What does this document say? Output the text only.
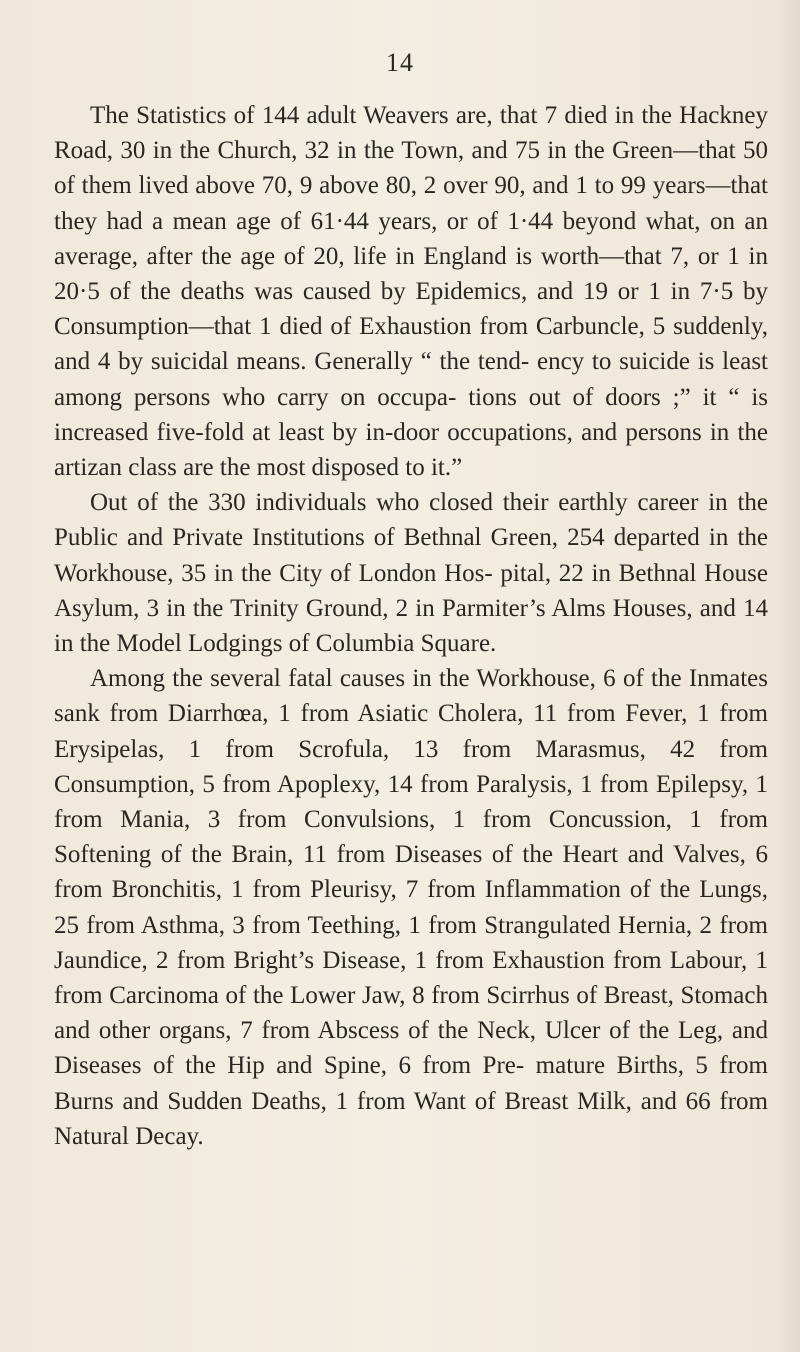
14

The Statistics of 144 adult Weavers are, that 7 died in the Hackney Road, 30 in the Church, 32 in the Town, and 75 in the Green—that 50 of them lived above 70, 9 above 80, 2 over 90, and 1 to 99 years—that they had a mean age of 61·44 years, or of 1·44 beyond what, on an average, after the age of 20, life in England is worth—that 7, or 1 in 20·5 of the deaths was caused by Epidemics, and 19 or 1 in 7·5 by Consumption—that 1 died of Exhaustion from Carbuncle, 5 suddenly, and 4 by suicidal means. Generally “ the tend- ency to suicide is least among persons who carry on occupa- tions out of doors ;” it “ is increased five-fold at least by in-door occupations, and persons in the artizan class are the most disposed to it.”

Out of the 330 individuals who closed their earthly career in the Public and Private Institutions of Bethnal Green, 254 departed in the Workhouse, 35 in the City of London Hos- pital, 22 in Bethnal House Asylum, 3 in the Trinity Ground, 2 in Parmiter’s Alms Houses, and 14 in the Model Lodgings of Columbia Square.

Among the several fatal causes in the Workhouse, 6 of the Inmates sank from Diarrhœa, 1 from Asiatic Cholera, 11 from Fever, 1 from Erysipelas, 1 from Scrofula, 13 from Marasmus, 42 from Consumption, 5 from Apoplexy, 14 from Paralysis, 1 from Epilepsy, 1 from Mania, 3 from Convulsions, 1 from Concussion, 1 from Softening of the Brain, 11 from Diseases of the Heart and Valves, 6 from Bronchitis, 1 from Pleurisy, 7 from Inflammation of the Lungs, 25 from Asthma, 3 from Teething, 1 from Strangulated Hernia, 2 from Jaundice, 2 from Bright’s Disease, 1 from Exhaustion from Labour, 1 from Carcinoma of the Lower Jaw, 8 from Scirrhus of Breast, Stomach and other organs, 7 from Abscess of the Neck, Ulcer of the Leg, and Diseases of the Hip and Spine, 6 from Pre- mature Births, 5 from Burns and Sudden Deaths, 1 from Want of Breast Milk, and 66 from Natural Decay.
